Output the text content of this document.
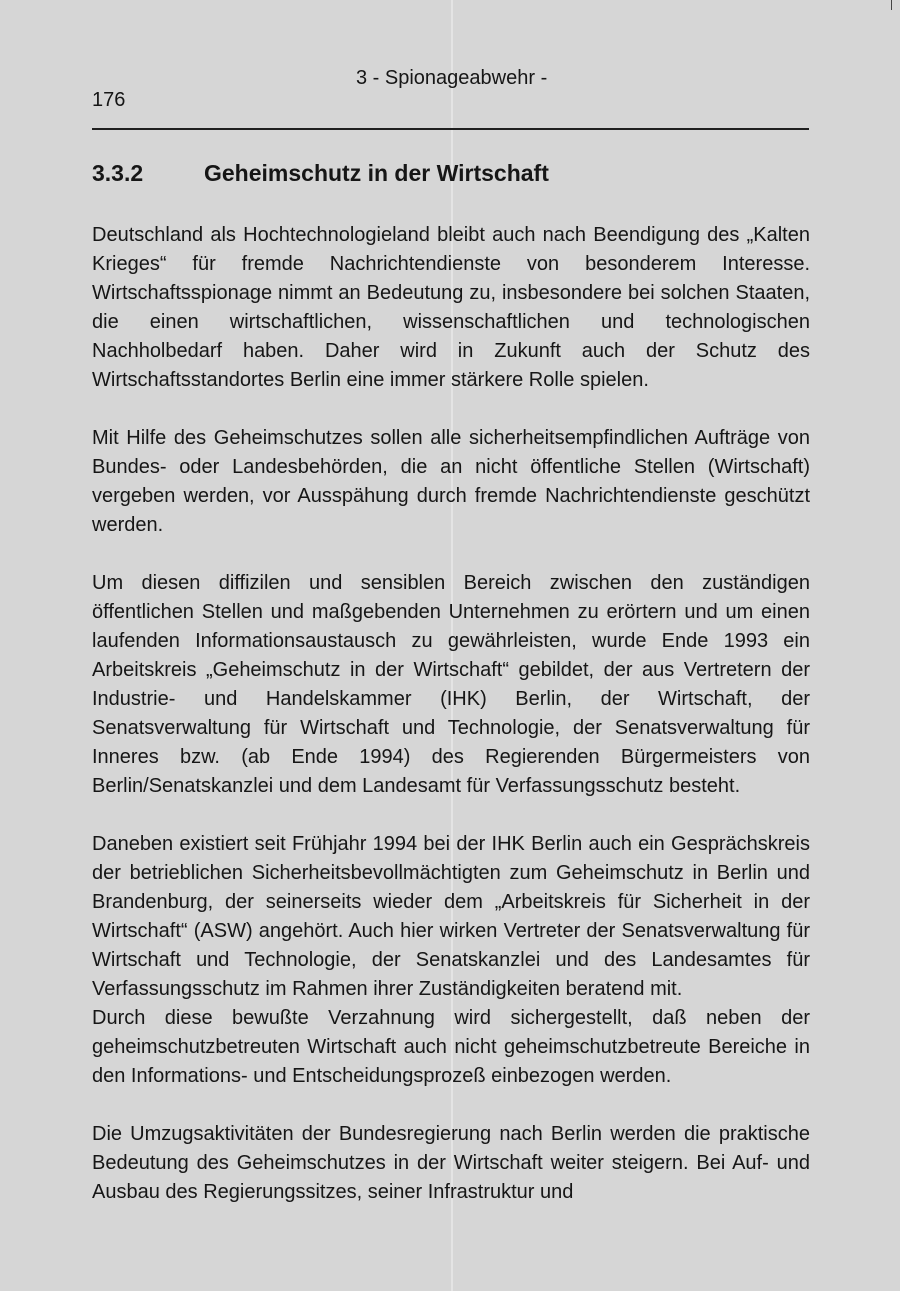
176
3 - Spionageabwehr -
3.3.2	Geheimschutz in der Wirtschaft

Deutschland als Hochtechnologieland bleibt auch nach Beendigung des „Kalten Krieges“ für fremde Nachrichtendienste von besonderem Interesse. Wirtschaftsspionage nimmt an Bedeutung zu, insbesondere bei solchen Staaten, die einen wirtschaftlichen, wissenschaftlichen und technologischen Nachholbedarf haben. Daher wird in Zukunft auch der Schutz des Wirtschaftsstandortes Berlin eine immer stärkere Rolle spielen.

Mit Hilfe des Geheimschutzes sollen alle sicherheitsempfindlichen Aufträge von Bundes- oder Landesbehörden, die an nicht öffentliche Stellen (Wirtschaft) vergeben werden, vor Ausspähung durch fremde Nachrichtendienste geschützt werden.

Um diesen diffizilen und sensiblen Bereich zwischen den zuständigen öffentlichen Stellen und maßgebenden Unternehmen zu erörtern und um einen laufenden Informationsaustausch zu gewährleisten, wurde Ende 1993 ein Arbeitskreis „Geheimschutz in der Wirtschaft“ gebildet, der aus Vertretern der Industrie- und Handelskammer (IHK) Berlin, der Wirtschaft, der Senatsverwaltung für Wirtschaft und Technologie, der Senatsverwaltung für Inneres bzw. (ab Ende 1994) des Regierenden Bürgermeisters von Berlin/Senatskanzlei und dem Landesamt für Verfassungsschutz besteht.

Daneben existiert seit Frühjahr 1994 bei der IHK Berlin auch ein Gesprächskreis der betrieblichen Sicherheitsbevollmächtigten zum Geheimschutz in Berlin und Brandenburg, der seinerseits wieder dem „Arbeitskreis für Sicherheit in der Wirtschaft“ (ASW) angehört. Auch hier wirken Vertreter der Senatsverwaltung für Wirtschaft und Technologie, der Senatskanzlei und des Landesamtes für Verfassungsschutz im Rahmen ihrer Zuständigkeiten beratend mit.

Durch diese bewußte Verzahnung wird sichergestellt, daß neben der geheimschutzbetreuten Wirtschaft auch nicht geheimschutzbetreute Bereiche in den Informations- und Entscheidungsprozeß einbezogen werden.

Die Umzugsaktivitäten der Bundesregierung nach Berlin werden die praktische Bedeutung des Geheimschutzes in der Wirtschaft weiter steigern. Bei Auf- und Ausbau des Regierungssitzes, seiner Infrastruktur und
